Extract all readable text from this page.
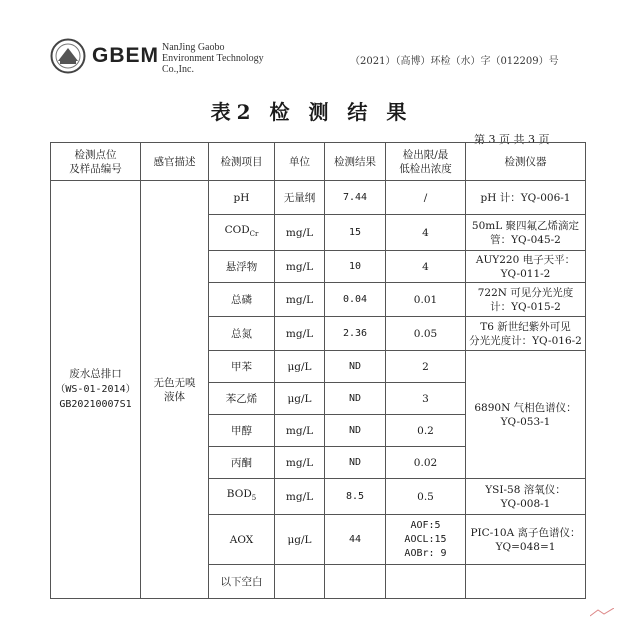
GBEM NanJing Gaobo
Environment Technology
Co.,Inc.
（2021）（高博）环检（水）字（012209）号
表2 检 测 结 果
第 3 页 共 3 页
检测点位
及样品编号	感官描述	检测项目	单位	检测结果	检出限/最
低检出浓度	检测仪器
废水总排口
（WS-01-2014）
GB20210007S1	无色无嗅
液体	pH	无量纲	7.44	/	pH 计：YQ-006-1
		$COD_{Cr}$	mg/L	15	4	50mL 聚四氟乙烯滴定
管：YQ-045-2
		悬浮物	mg/L	10	4	AUY220 电子天平：
YQ-011-2
		总磷	mg/L	0.04	0.01	722N 可见分光光度
计：YQ-015-2
		总氮	mg/L	2.36	0.05	T6 新世纪紫外可见
分光光度计：YQ-016-2
		甲苯	μg/L	ND	2	6890N 气相色谱仪：
YQ-053-1
		苯乙烯	μg/L	ND	3	
		甲醇	mg/L	ND	0.2	
		丙酮	mg/L	ND	0.02	
		$BOD_5$	mg/L	8.5	0.5	YSI-58 溶氧仪：
YQ-008-1
		AOX	μg/L	44	AOF:5
AOCL:15
AOBr: 9	PIC-10A 离子色谱仪：
YQ=048=1
		以下空白				
